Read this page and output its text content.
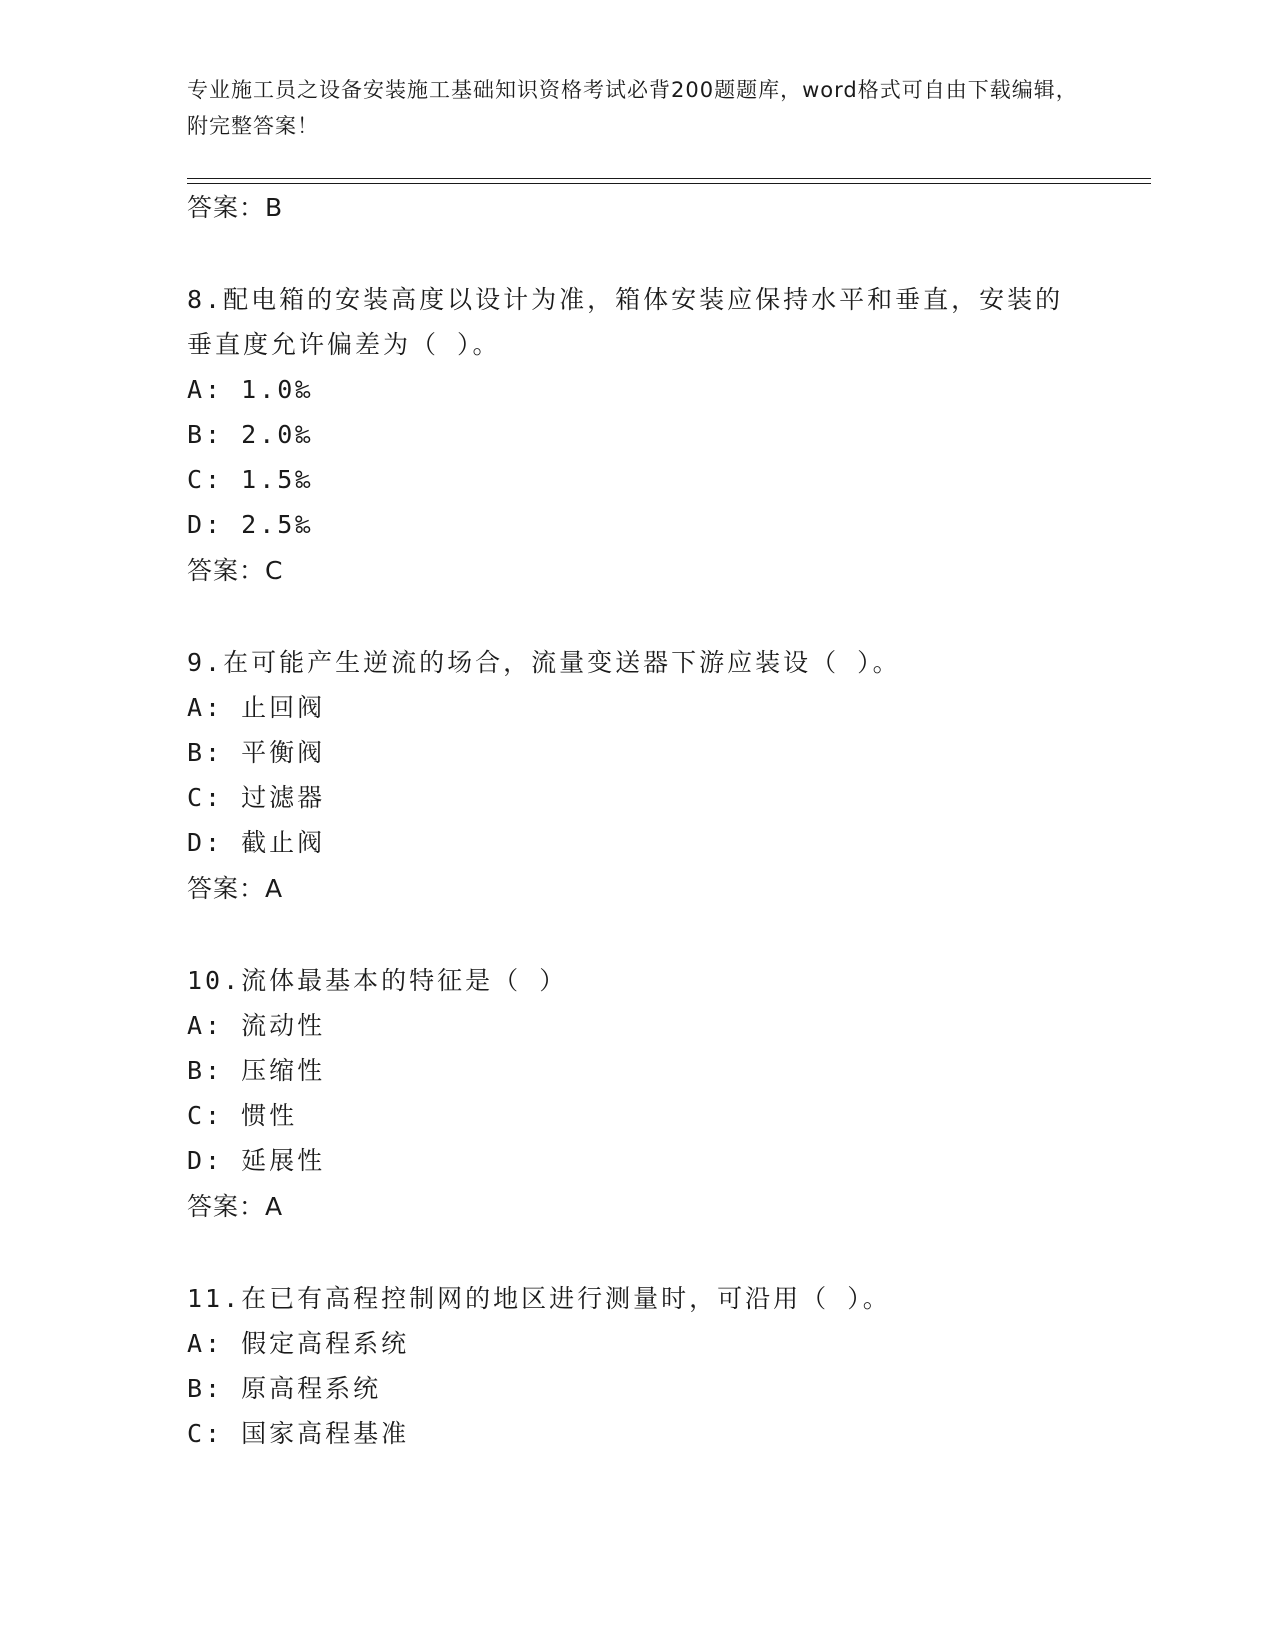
专业施工员之设备安装施工基础知识资格考试必背200题题库，word格式可自由下载编辑，附完整答案！
答案：B
8.配电箱的安装高度以设计为准，箱体安装应保持水平和垂直，安装的垂直度允许偏差为（ ）。
A: 1.0‰
B: 2.0‰
C: 1.5‰
D: 2.5‰
答案：C
9.在可能产生逆流的场合，流量变送器下游应装设（ ）。
A: 止回阀
B: 平衡阀
C: 过滤器
D: 截止阀
答案：A
10.流体最基本的特征是（ ）
A: 流动性
B: 压缩性
C: 惯性
D: 延展性
答案：A
11.在已有高程控制网的地区进行测量时，可沿用（ ）。
A: 假定高程系统
B: 原高程系统
C: 国家高程基准
